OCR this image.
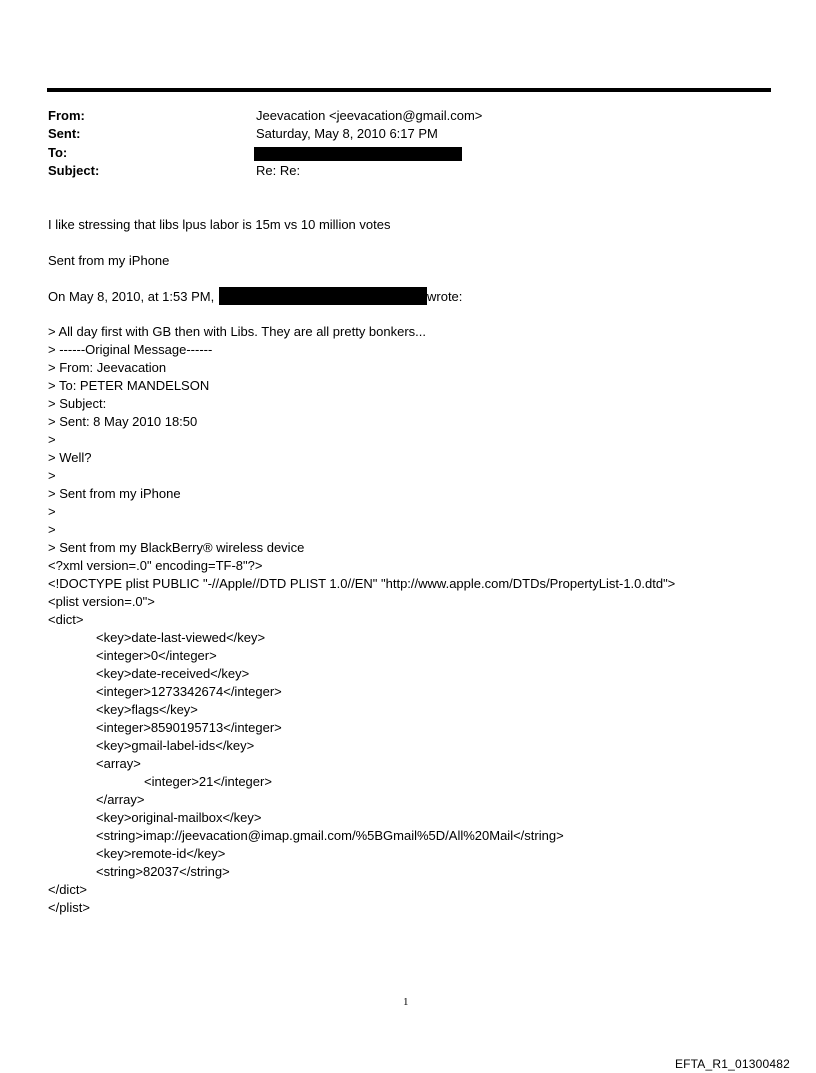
From:	Jeevacation <jeevacation@gmail.com>
Sent:	Saturday, May 8, 2010 6:17 PM
To:
Subject:	Re: Re:
I like stressing that libs lpus labor is 15m vs 10 million votes
Sent from my iPhone
On May 8, 2010, at 1:53 PM,	wrote:
> All day first with GB then with Libs. They are all pretty bonkers...
> ------Original Message------
> From: Jeevacation
> To: PETER MANDELSON
> Subject:
> Sent: 8 May 2010 18:50
>
> Well?
>
> Sent from my iPhone
>
>
> Sent from my BlackBerry® wireless device
<?xml version=.0" encoding=TF-8"?>
<!DOCTYPE plist PUBLIC "-//Apple//DTD PLIST 1.0//EN" "http://www.apple.com/DTDs/PropertyList-1.0.dtd">
<plist version=.0">
<dict>
<key>date-last-viewed</key>
<integer>0</integer>
<key>date-received</key>
<integer>1273342674</integer>
<key>flags</key>
<integer>8590195713</integer>
<key>gmail-label-ids</key>
<array>
<integer>21</integer>
</array>
<key>original-mailbox</key>
<string>imap://jeevacation@imap.gmail.com/%5BGmail%5D/All%20Mail</string>
<key>remote-id</key>
<string>82037</string>
</dict>
</plist>
1
EFTA_R1_01300482
